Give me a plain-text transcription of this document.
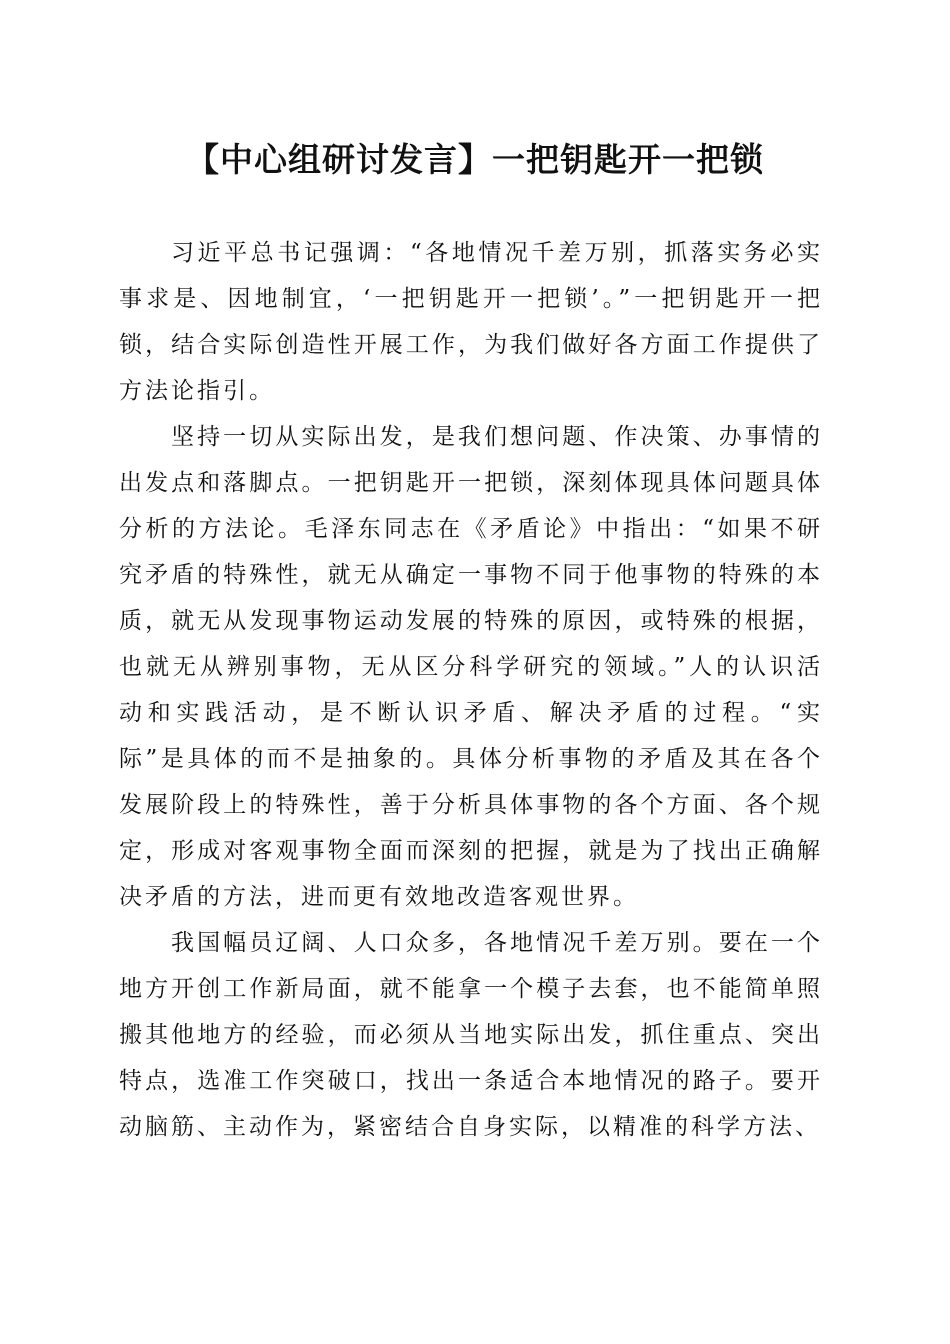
【中心组研讨发言】一把钥匙开一把锁

习近平总书记强调：“各地情况千差万别，抓落实务必实事求是、因地制宜，‘一把钥匙开一把锁’。”一把钥匙开一把锁，结合实际创造性开展工作，为我们做好各方面工作提供了方法论指引。

坚持一切从实际出发，是我们想问题、作决策、办事情的出发点和落脚点。一把钥匙开一把锁，深刻体现具体问题具体分析的方法论。毛泽东同志在《矛盾论》中指出：“如果不研究矛盾的特殊性，就无从确定一事物不同于他事物的特殊的本质，就无从发现事物运动发展的特殊的原因，或特殊的根据，也就无从辨别事物，无从区分科学研究的领域。”人的认识活动和实践活动，是不断认识矛盾、解决矛盾的过程。“实际”是具体的而不是抽象的。具体分析事物的矛盾及其在各个发展阶段上的特殊性，善于分析具体事物的各个方面、各个规定，形成对客观事物全面而深刻的把握，就是为了找出正确解决矛盾的方法，进而更有效地改造客观世界。

我国幅员辽阔、人口众多，各地情况千差万别。要在一个地方开创工作新局面，就不能拿一个模子去套，也不能简单照搬其他地方的经验，而必须从当地实际出发，抓住重点、突出特点，选准工作突破口，找出一条适合本地情况的路子。要开动脑筋、主动作为，紧密结合自身实际，以精准的科学方法、
